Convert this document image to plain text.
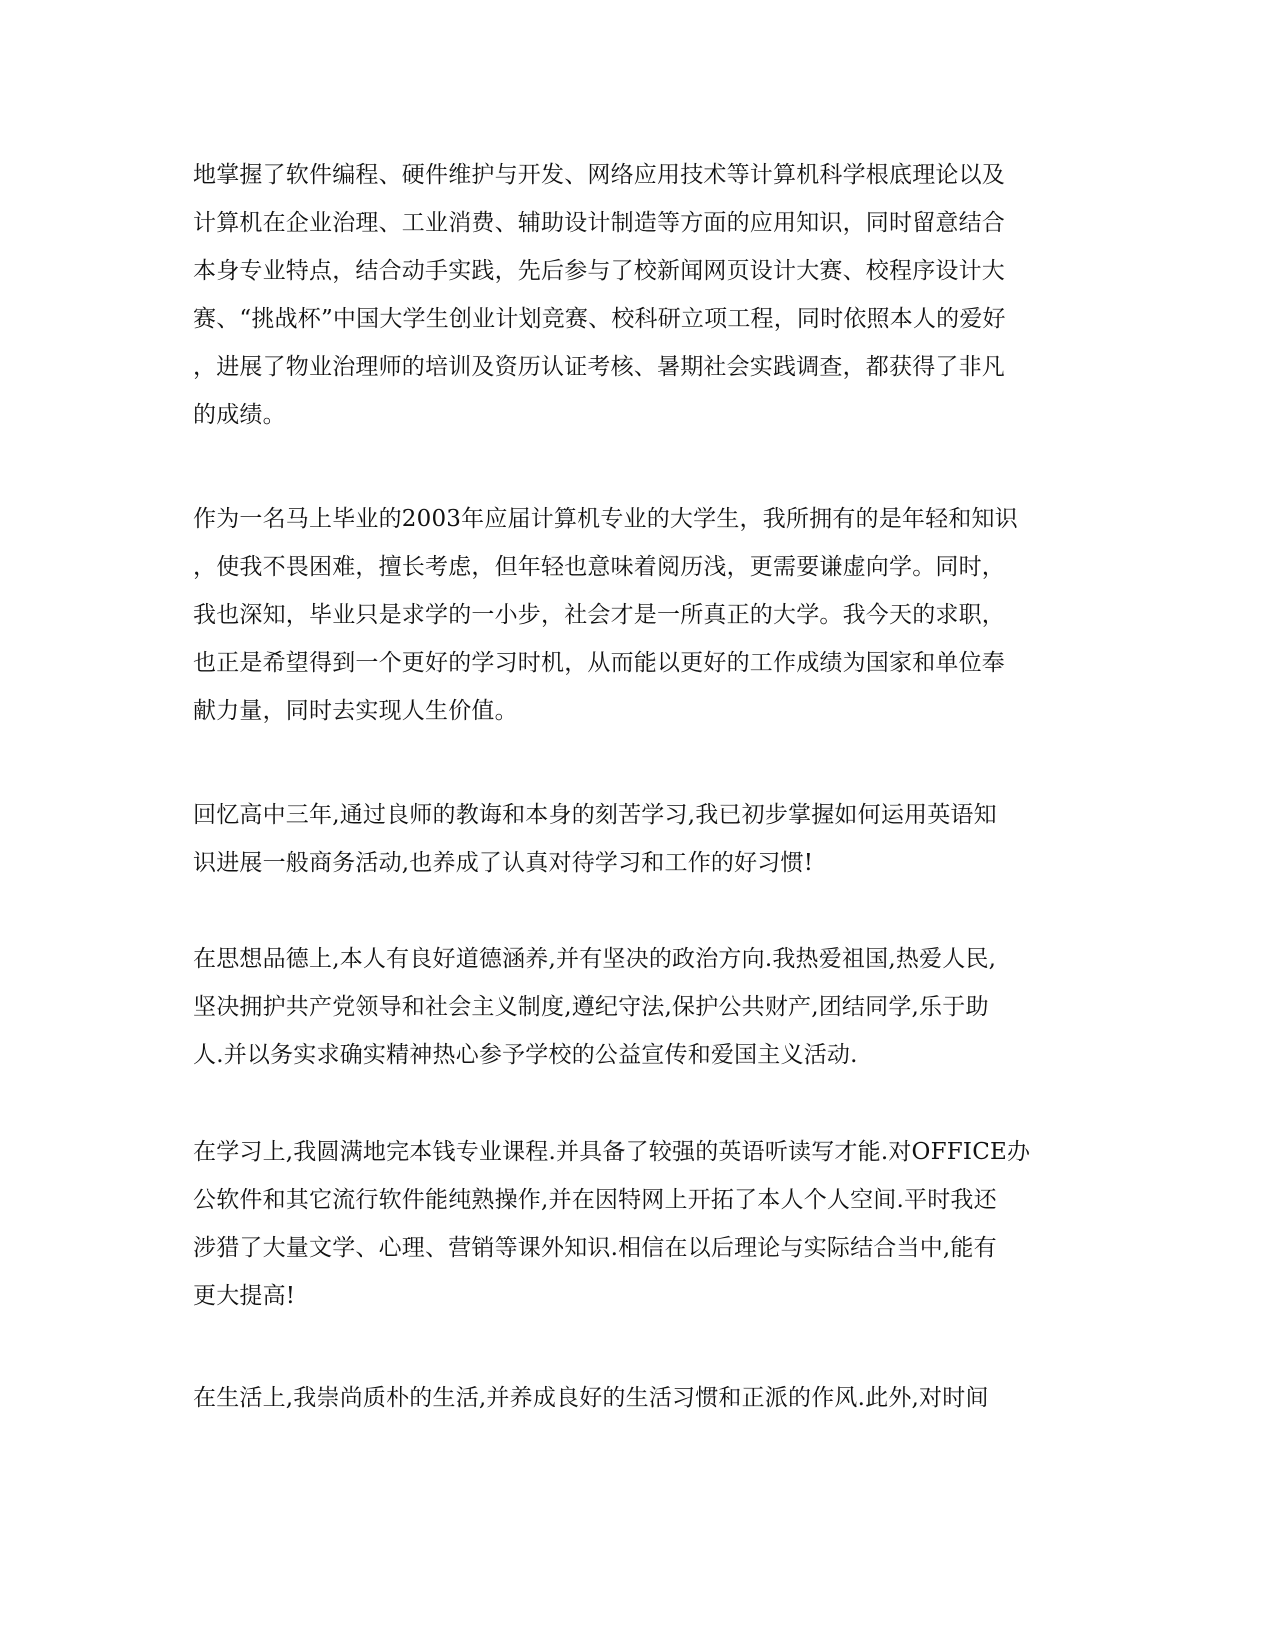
地掌握了软件编程、硬件维护与开发、网络应用技术等计算机科学根底理论以及
计算机在企业治理、工业消费、辅助设计制造等方面的应用知识，同时留意结合
本身专业特点，结合动手实践，先后参与了校新闻网页设计大赛、校程序设计大
赛、“挑战杯”中国大学生创业计划竞赛、校科研立项工程，同时依照本人的爱好
，进展了物业治理师的培训及资历认证考核、暑期社会实践调查，都获得了非凡
的成绩。
作为一名马上毕业的2003年应届计算机专业的大学生，我所拥有的是年轻和知识
，使我不畏困难，擅长考虑，但年轻也意味着阅历浅，更需要谦虚向学。同时，
我也深知，毕业只是求学的一小步，社会才是一所真正的大学。我今天的求职，
也正是希望得到一个更好的学习时机，从而能以更好的工作成绩为国家和单位奉
献力量，同时去实现人生价值。
回忆高中三年,通过良师的教诲和本身的刻苦学习,我已初步掌握如何运用英语知
识进展一般商务活动,也养成了认真对待学习和工作的好习惯!
在思想品德上,本人有良好道德涵养,并有坚决的政治方向.我热爱祖国,热爱人民,
坚决拥护共产党领导和社会主义制度,遵纪守法,保护公共财产,团结同学,乐于助
人.并以务实求确实精神热心参予学校的公益宣传和爱国主义活动.
在学习上,我圆满地完本钱专业课程.并具备了较强的英语听读写才能.对OFFICE办
公软件和其它流行软件能纯熟操作,并在因特网上开拓了本人个人空间.平时我还
涉猎了大量文学、心理、营销等课外知识.相信在以后理论与实际结合当中,能有
更大提高!
在生活上,我崇尚质朴的生活,并养成良好的生活习惯和正派的作风.此外,对时间
